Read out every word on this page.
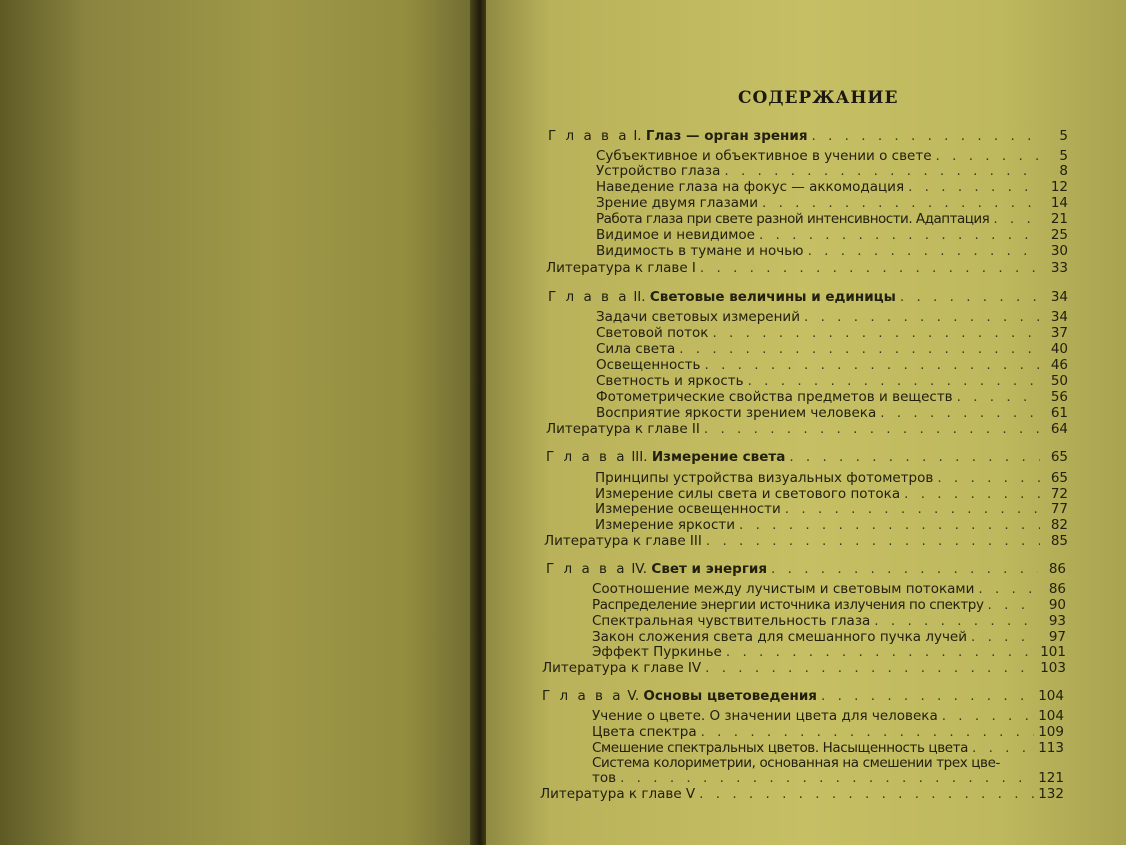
СОДЕРЖАНИЕ
Г л а в а I. Глаз — орган зрения . . .	5
Субъективное и объективное в учении о свете . . .	5
Устройство глаза . . .	8
Наведение глаза на фокус — аккомодация . . .	12
Зрение двумя глазами . . .	14
Работа глаза при свете разной интенсивности. Адаптация . . .	21
Видимое и невидимое . . .	25
Видимость в тумане и ночью . . .	30
Литература к главе I . . .	33
Г л а в а II. Световые величины и единицы . . .	34
Задачи световых измерений . . .	34
Световой поток . . .	37
Сила света . . .	40
Освещенность . . .	46
Светность и яркость . . .	50
Фотометрические свойства предметов и веществ . . .	56
Восприятие яркости зрением человека . . .	61
Литература к главе II . . .	64
Г л а в а III. Измерение света . . .	65
Принципы устройства визуальных фотометров . . .	65
Измерение силы света и светового потока . . .	72
Измерение освещенности . . .	77
Измерение яркости . . .	82
Литература к главе III . . .	85
Г л а в а IV. Свет и энергия . . .	86
Соотношение между лучистым и световым потоками . . .	86
Распределение энергии источника излучения по спектру . . .	90
Спектральная чувствительность глаза . . .	93
Закон сложения света для смешанного пучка лучей . . .	97
Эффект Пуркинье . . .	101
Литература к главе IV . . .	103
Г л а в а V. Основы цветоведения . . .	104
Учение о цвете. О значении цвета для человека . . .	104
Цвета спектра . . .	109
Смешение спектральных цветов. Насыщенность цвета . . .	113
Система колориметрии, основанная на смешении трех цве-
тов . . .	121
Литература к главе V . . .	132
